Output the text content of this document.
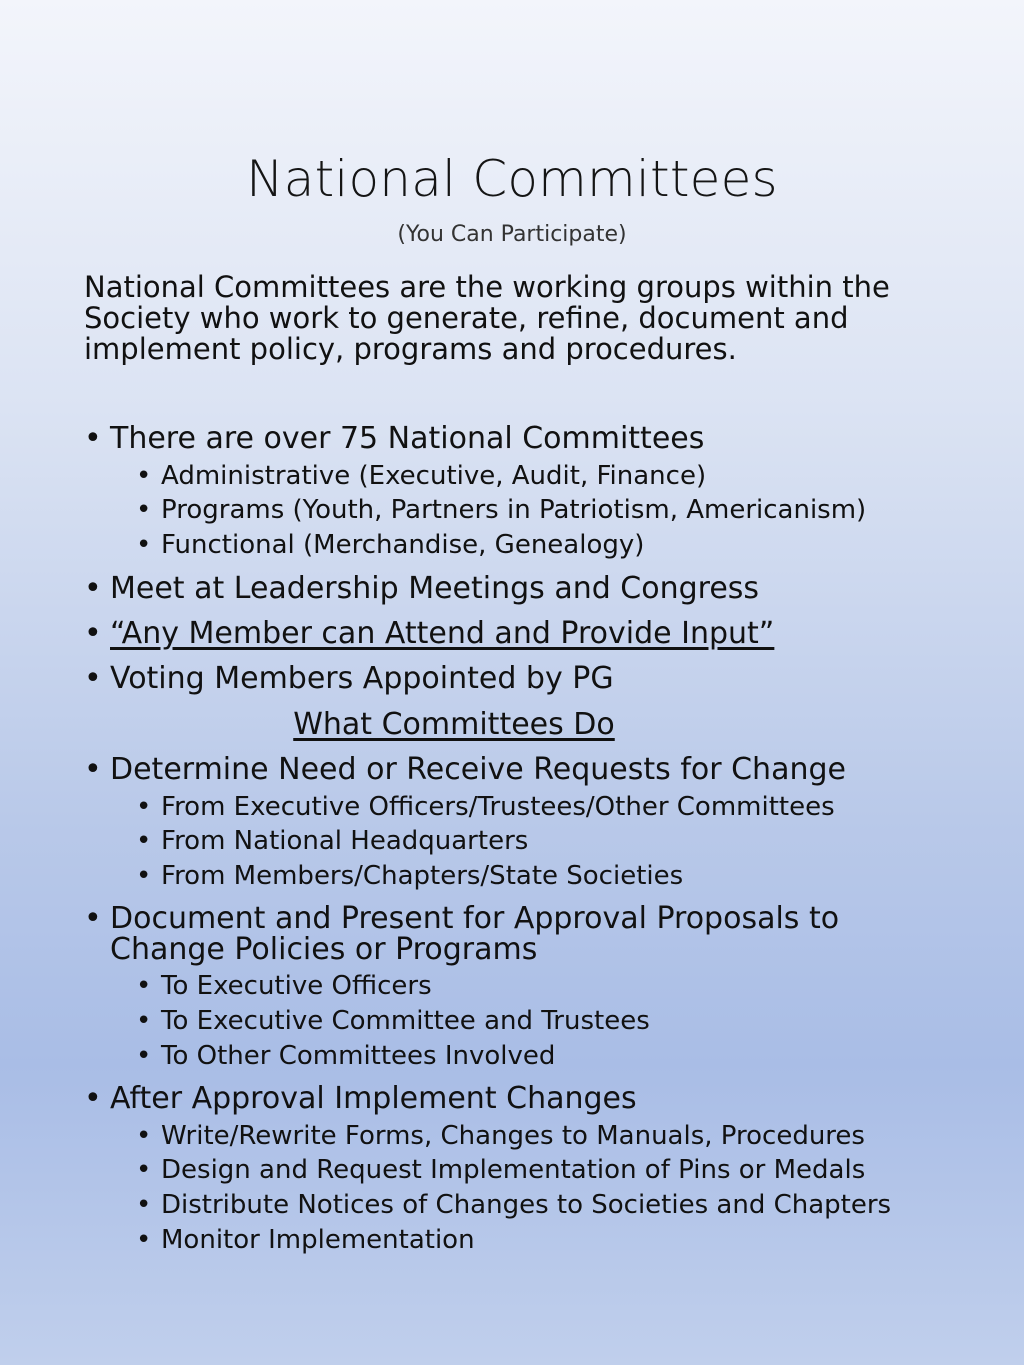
National Committees
(You Can Participate)
National Committees are the working groups within the Society who work to generate, refine, document and implement policy, programs and procedures.
• There are over 75 National Committees
• Administrative (Executive, Audit, Finance)
• Programs (Youth, Partners in Patriotism, Americanism)
• Functional (Merchandise, Genealogy)
• Meet at Leadership Meetings and Congress
• “Any Member can Attend and Provide Input”
• Voting Members Appointed by PG
What Committees Do
• Determine Need or Receive Requests for Change
• From Executive Officers/Trustees/Other Committees
• From National Headquarters
• From Members/Chapters/State Societies
• Document and Present for Approval Proposals to Change Policies or Programs
• To Executive Officers
• To Executive Committee and Trustees
• To Other Committees Involved
• After Approval Implement Changes
• Write/Rewrite Forms, Changes to Manuals, Procedures
• Design and Request Implementation of Pins or Medals
• Distribute Notices of Changes to Societies and Chapters
• Monitor Implementation
